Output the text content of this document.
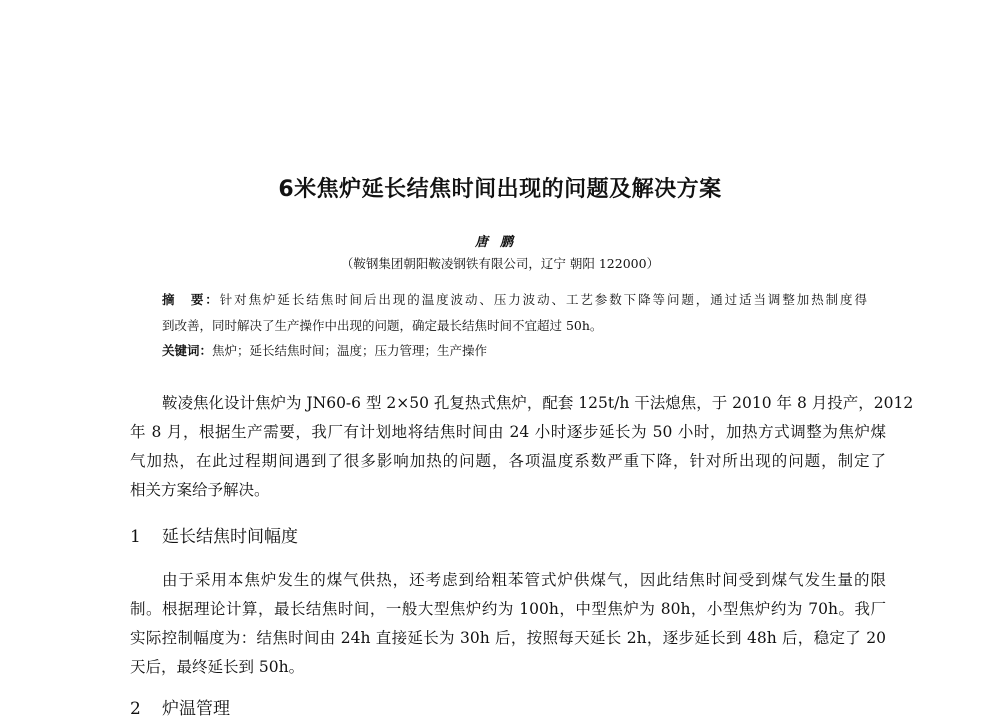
6米焦炉延长结焦时间出现的问题及解决方案
唐鹏
（鞍钢集团朝阳鞍凌钢铁有限公司，辽宁 朝阳 122000）
摘　要：针对焦炉延长结焦时间后出现的温度波动、压力波动、工艺参数下降等问题，通过适当调整加热制度得
到改善，同时解决了生产操作中出现的问题，确定最长结焦时间不宜超过 50h。
关键词：焦炉；延长结焦时间；温度；压力管理；生产操作
鞍凌焦化设计焦炉为 JN60-6 型 2×50 孔复热式焦炉，配套 125t/h 干法熄焦，于 2010 年 8 月投产，2012
年 8 月，根据生产需要，我厂有计划地将结焦时间由 24 小时逐步延长为 50 小时，加热方式调整为焦炉煤
气加热，在此过程期间遇到了很多影响加热的问题，各项温度系数严重下降，针对所出现的问题，制定了
相关方案给予解决。
1 延长结焦时间幅度
由于采用本焦炉发生的煤气供热，还考虑到给粗苯管式炉供煤气，因此结焦时间受到煤气发生量的限
制。根据理论计算，最长结焦时间，一般大型焦炉约为 100h，中型焦炉为 80h，小型焦炉约为 70h。我厂
实际控制幅度为：结焦时间由 24h 直接延长为 30h 后，按照每天延长 2h，逐步延长到 48h 后，稳定了 20
天后，最终延长到 50h。
2 炉温管理
